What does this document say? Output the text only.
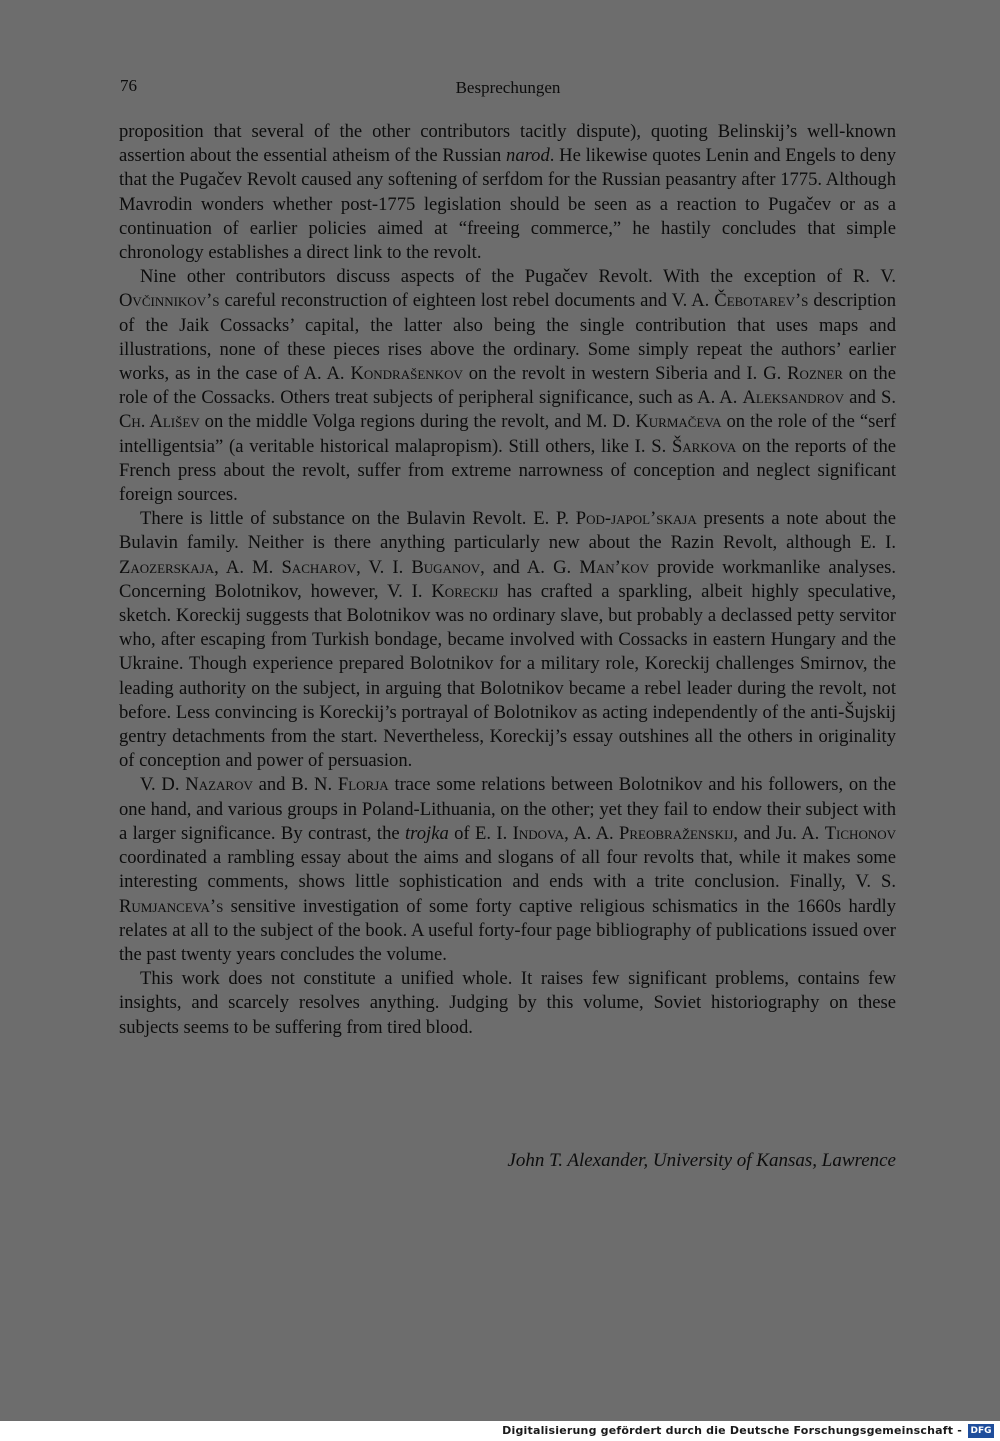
76	Besprechungen

proposition that several of the other contributors tacitly dispute), quoting Belinskij’s well-known assertion about the essential atheism of the Russian narod. He likewise quotes Lenin and Engels to deny that the Pugačev Revolt caused any softening of serfdom for the Russian peasantry after 1775. Although Mavrodin wonders whether post-1775 legislation should be seen as a reaction to Pugačev or as a continuation of earlier policies aimed at “freeing commerce,” he hastily concludes that simple chronology establishes a direct link to the revolt.

Nine other contributors discuss aspects of the Pugačev Revolt. With the exception of R. V. Ovčinnikov’s careful reconstruction of eighteen lost rebel documents and V. A. Čebotarev’s description of the Jaik Cossacks’ capital, the latter also being the single contribution that uses maps and illustrations, none of these pieces rises above the ordinary. Some simply repeat the authors’ earlier works, as in the case of A. A. Kondrašenkov on the revolt in western Siberia and I. G. Rozner on the role of the Cossacks. Others treat subjects of peripheral significance, such as A. A. Aleksandrov and S. Ch. Ališev on the middle Volga regions during the revolt, and M. D. Kurmačeva on the role of the “serf intelligentsia” (a veritable historical malapropism). Still others, like I. S. Šarkova on the reports of the French press about the revolt, suffer from extreme narrowness of conception and neglect significant foreign sources.

There is little of substance on the Bulavin Revolt. E. P. Pod-japol’skaja presents a note about the Bulavin family. Neither is there anything particularly new about the Razin Revolt, although E. I. Zaozerskaja, A. M. Sacharov, V. I. Buganov, and A. G. Man’kov provide workmanlike analyses. Concerning Bolotnikov, however, V. I. Koreckij has crafted a sparkling, albeit highly speculative, sketch. Koreckij suggests that Bolotnikov was no ordinary slave, but probably a declassed petty servitor who, after escaping from Turkish bondage, became involved with Cossacks in eastern Hungary and the Ukraine. Though experience prepared Bolotnikov for a military role, Koreckij challenges Smirnov, the leading authority on the subject, in arguing that Bolotnikov became a rebel leader during the revolt, not before. Less convincing is Koreckij’s portrayal of Bolotnikov as acting independently of the anti-Šujskij gentry detachments from the start. Nevertheless, Koreckij’s essay outshines all the others in originality of conception and power of persuasion.

V. D. Nazarov and B. N. Florja trace some relations between Bolotnikov and his followers, on the one hand, and various groups in Poland-Lithuania, on the other; yet they fail to endow their subject with a larger significance. By contrast, the trojka of E. I. Indova, A. A. Preobraženskij, and Ju. A. Tichonov coordinated a rambling essay about the aims and slogans of all four revolts that, while it makes some interesting comments, shows little sophistication and ends with a trite conclusion. Finally, V. S. Rumjanceva’s sensitive investigation of some forty captive religious schismatics in the 1660s hardly relates at all to the subject of the book. A useful forty-four page bibliography of publications issued over the past twenty years concludes the volume.

This work does not constitute a unified whole. It raises few significant problems, contains few insights, and scarcely resolves anything. Judging by this volume, Soviet historiography on these subjects seems to be suffering from tired blood.

John T. Alexander, University of Kansas, Lawrence
Digitalisierung gefördert durch die Deutsche Forschungsgemeinschaft - DFG
